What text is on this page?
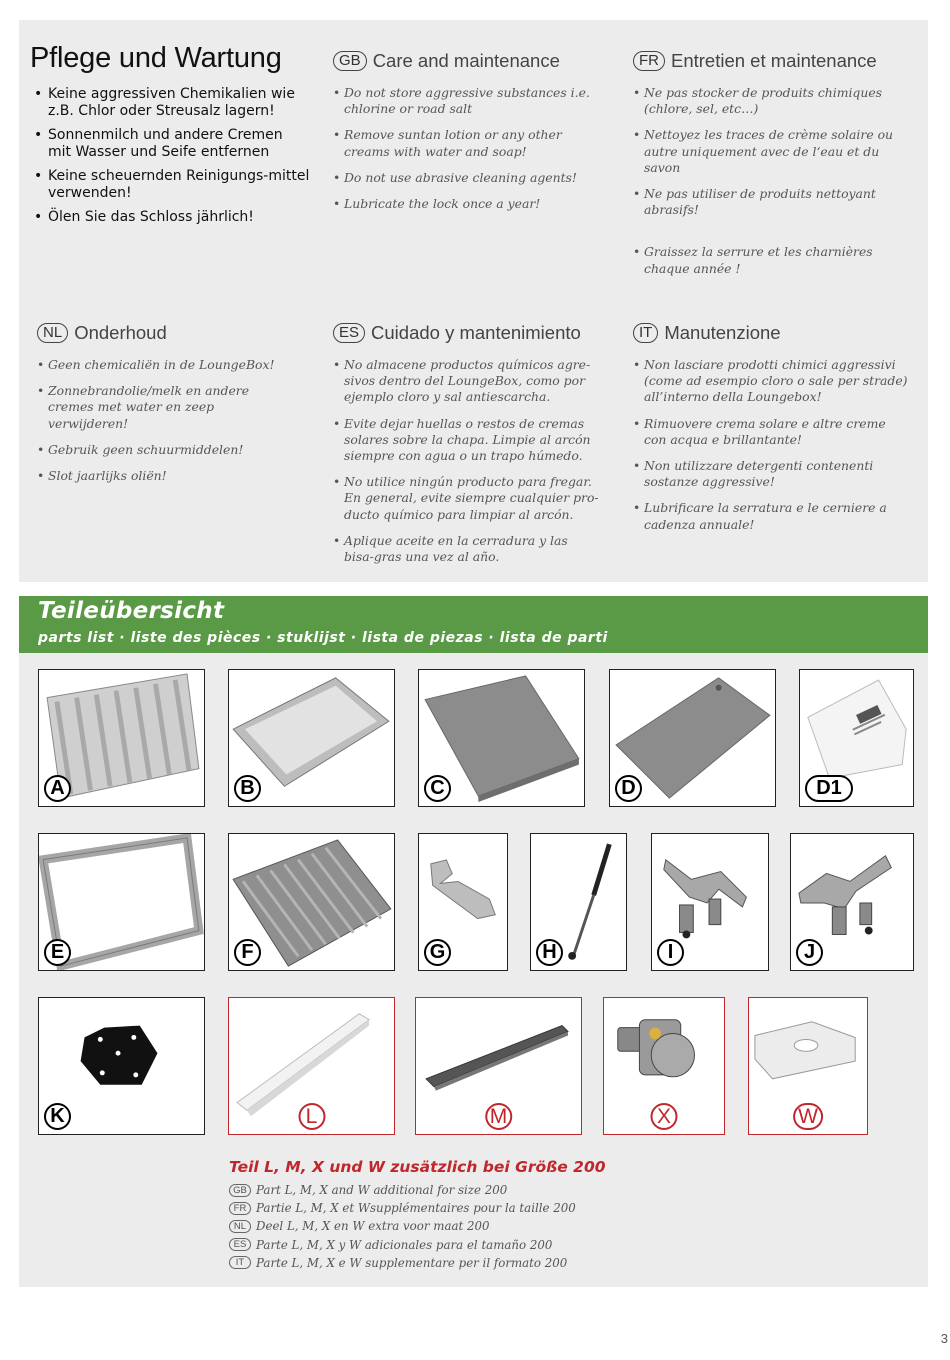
Pflege und Wartung
• Keine aggressiven Chemikalien wie z.B. Chlor oder Streusalz lagern!
• Sonnenmilch und andere Cremen mit Wasser und Seife entfernen
• Keine scheuernden Reinigungs-mittel verwenden!
• Ölen Sie das Schloss jährlich!
GB Care and maintenance
• Do not store aggressive substances i.e. chlorine or road salt
• Remove suntan lotion or any other creams with water and soap!
• Do not use abrasive cleaning agents!
• Lubricate the lock once a year!
FR Entretien et maintenance
• Ne pas stocker de produits chimiques (chlore, sel, etc…)
• Nettoyez les traces de crème solaire ou autre uniquement avec de l‘eau et du savon
• Ne pas utiliser de produits nettoyant abrasifs!
• Graissez la serrure et les charnières chaque année !
NL Onderhoud
• Geen chemicaliën in de LoungeBox!
• Zonnebrandolie/melk en andere cremes met water en zeep verwijderen!
• Gebruik geen schuurmiddelen!
• Slot jaarlijks oliën!
ES Cuidado y mantenimiento
• No almacene productos químicos agre-sivos dentro del LoungeBox, como por ejemplo cloro y sal antiescarcha.
• Evite dejar huellas o restos de cremas solares sobre la chapa. Limpie al arcón siempre con agua o un trapo húmedo.
• No utilice ningún producto para fregar. En general, evite siempre cualquier pro-ducto químico para limpiar al arcón.
• Aplique aceite en la cerradura y las bisa-gras una vez al año.
IT Manutenzione
• Non lasciare prodotti chimici aggressivi (come ad esempio cloro o sale per strade) all’interno della Loungebox!
• Rimuovere crema solare e altre creme con acqua e brillantante!
• Non utilizzare detergenti contenenti sostanze aggressive!
• Lubrificare la serratura e le cerniere a cadenza annuale!
Teileübersicht
parts list · liste des pièces · stuklijst · lista de piezas · lista de parti
A	B	C	D	D1
E	F	G	H	I	J
K	L	M	X	W
Teil L, M, X und W zusätzlich bei Größe 200
GB Part L, M, X and W additional for size 200
FR Partie L, M, X et Wsupplémentaires pour la taille 200
NL Deel L, M, X en W extra voor maat 200
ES Parte L, M, X y W adicionales para el tamaño 200
IT Parte L, M, X e W supplementare per il formato 200
3
